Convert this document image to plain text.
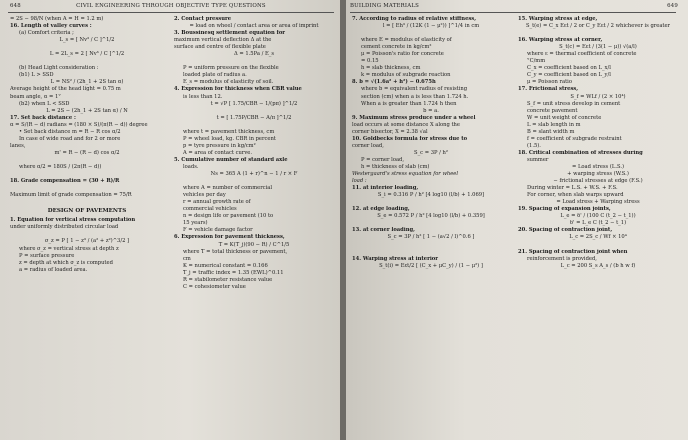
648	CIVIL ENGINEERING THROUGH OBJECTIVE TYPE QUESTIONS
= 2S − 98/N (when A = H = 1.2 m)
16. Length of valley curves :
(a) Comfort criteria ;
L_s = [ Nv³ / C ]^1/2

L = 2L_s = 2 [ Nv³ / C ]^1/2

(b) Head Light consideration :
(b1) L > SSD
L = NS² / (2h_1 + 2S tan α)
Average height of the head light = 0.75 m
beam angle, α = 1°
(b2) when L < SSD
L = 2S − (2h_1 + 2S tan α) / N
17. Set back distance :
α = S/(R − d) radians = (180 × S)/(π(R − d)) degree
• Set back distance m = R − R cos α/2
In case of wide road and for 2 or more
lanes,
m' = R − (R − d) cos α/2

where α/2 = 180S / (2π(R − d))

18. Grade compensation = (30 + R)/R

Maximum limit of grade compensation = 75/R

DESIGN OF PAVEMENTS
1. Equation for vertical stress computation
under uniformly distributed circular load

σ_z = P [ 1 − z³ / (a² + z²)^3/2 ]
where σ_z = vertical stress at depth z
P = surface pressure
z = depth at which σ_z is computed
a = radius of loaded area.
2. Contact pressure
= load on wheel / contact area or area of imprint
3. Boussinesq settlement equation for
maximum vertical deflection Δ at the
surface and centre of flexible plate
Δ = 1.5Pa / E_s

P = uniform pressure on the flexible
loaded plate of radius a.
E_s = modulus of elasticity of soil.
4. Expression for thickness when CBR value
is less than 12.
t = √P [ 1.75/CBR − 1/(pπ) ]^1/2

t = [ 1.75P/CBR − A/π ]^1/2

where t = pavement thickness, cm
P = wheel load, kg. CBR in percent
p = tyre pressure in kg/cm²
A = area of contact curve.
5. Cumulative number of standard axle
loads.
Ns = 365 A (1 + r)^n − 1 / r × F

where A = number of commercial
vehicles per day
r = annual growth rate of
commercial vehicles
n = design life or pavement (10 to
15 years)
F = vehicle damage factor
6. Expression for pavement thickness,
T = K(T_j)(90 − R) / C^1/5
where T = total thickness or pavement,
cm
K = numerical constant = 0.166
T_j = traffic index = 1.35 (EWL)^0.11
R = stabilometer resistance value
C = cohesiometer value
BUILDING MATERIALS	649
7. According to radius of relative stiffness,
l = [ Eh³ / (12K (1 − μ²)) ]^1/4 in cm

where E = modulus of elasticity of
cement concrete in kg/cm²
μ = Poisson's ratio for concrete
= 0.15
h = slab thickness, cm
k = modulus of subgrade reaction
8. b = √(1.6a² + h²) − 0.675h
where b = equivalent radius of resisting
section (cm) when a is less than 1.724 h.
When a is greater than 1.724 h then
b = a.
9. Maximum stress produce under a wheel
load occurs at some distance X along the
corner bisector, X = 2.38 √al
10. Goldbecks formula for stress due to
corner load,
S_c = 3P / h²
P = corner load,
h = thickness of slab (cm)
Westergaard's stress equation for wheel
load :
11. at interior loading,
S_i = 0.316 P / h² [4 log10 (l/b) + 1.069]

12. at edge loading,
S_e = 0.572 P / h² [4 log10 (l/b) + 0.359]

13. at corner loading,
S_c = 3P / h² [ 1 − (a√2 / l)^0.6 ]

14. Warping stress at interior
S_t(i) = Eεt/2 [ (C_x + μC_y) / (1 − μ²) ]
15. Warping stress at edge,
S_t(e) = C_x Eεt / 2 or C_y Eεt / 2 whichever is greater

16. Warping stress at corner,
S_t(c) = Eεt / (3(1 − μ)) √(a/l)
where ε = thermal coefficient of concrete
°C/mm
C_x = coefficient based on L_x/l
C_y = coefficient based on L_y/l
μ = Poisson ratio
17. Frictional stress,
S_f = WLf / (2 × 10⁴)
S_f = unit stress develop in cement
concrete pavement
W = unit weight of concrete
L = slab length in m
B = slant width m
f = coefficient of subgrade restraint
(1.5).
18. Critical combination of stresses during
summer
= Load stress (L.S.)
+ warping stress (W.S.)
− frictional stresses at edge (F.S.)
During winter = L.S. + W.S. + F.S.
For corner, when slab warps upward
= Load stress + Warping stress
19. Spacing of expansion joints,
L_e = δ' / (100 C (t_2 − t_1))
δ' = L_e C (t_2 − t_1)
20. Spacing of contraction joint,
L_c = 2S_c / Wf × 10⁴

21. Spacing of contraction joint when
reinforcement is provided,
L_c = 200 S_s A_s / (b h w f)
